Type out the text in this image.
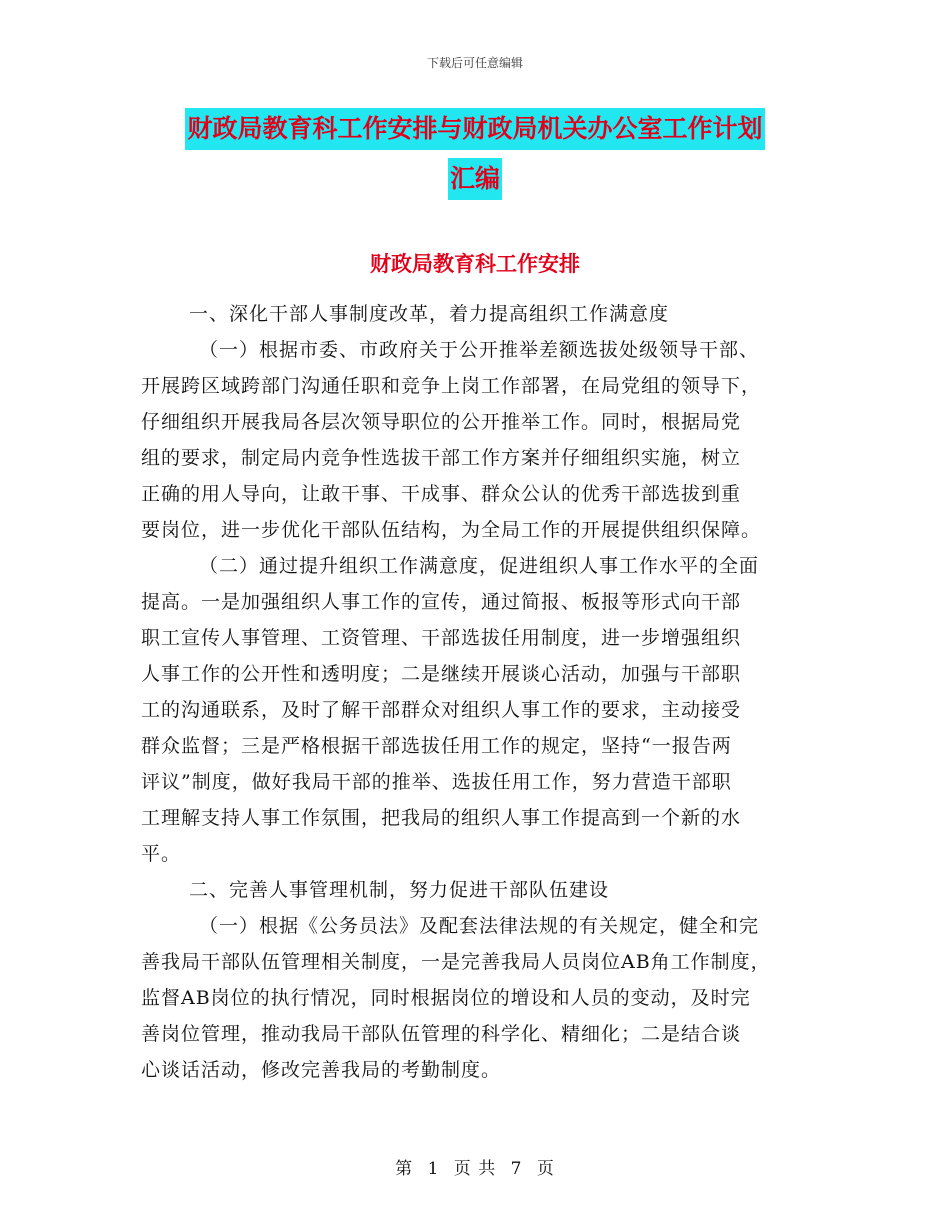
下载后可任意编辑
财政局教育科工作安排与财政局机关办公室工作计划
汇编
财政局教育科工作安排
一、深化干部人事制度改革，着力提高组织工作满意度
（一）根据市委、市政府关于公开推举差额选拔处级领导干部、
开展跨区域跨部门沟通任职和竞争上岗工作部署，在局党组的领导下，
仔细组织开展我局各层次领导职位的公开推举工作。同时，根据局党
组的要求，制定局内竞争性选拔干部工作方案并仔细组织实施，树立
正确的用人导向，让敢干事、干成事、群众公认的优秀干部选拔到重
要岗位，进一步优化干部队伍结构，为全局工作的开展提供组织保障。
（二）通过提升组织工作满意度，促进组织人事工作水平的全面
提高。一是加强组织人事工作的宣传，通过简报、板报等形式向干部
职工宣传人事管理、工资管理、干部选拔任用制度，进一步增强组织
人事工作的公开性和透明度；二是继续开展谈心活动，加强与干部职
工的沟通联系，及时了解干部群众对组织人事工作的要求，主动接受
群众监督；三是严格根据干部选拔任用工作的规定，坚持“一报告两
评议”制度，做好我局干部的推举、选拔任用工作，努力营造干部职
工理解支持人事工作氛围，把我局的组织人事工作提高到一个新的水
平。
二、完善人事管理机制，努力促进干部队伍建设
（一）根据《公务员法》及配套法律法规的有关规定，健全和完
善我局干部队伍管理相关制度，一是完善我局人员岗位AB角工作制度，
监督AB岗位的执行情况，同时根据岗位的增设和人员的变动，及时完
善岗位管理，推动我局干部队伍管理的科学化、精细化；二是结合谈
心谈话活动，修改完善我局的考勤制度。
第 1 页 共 7 页
